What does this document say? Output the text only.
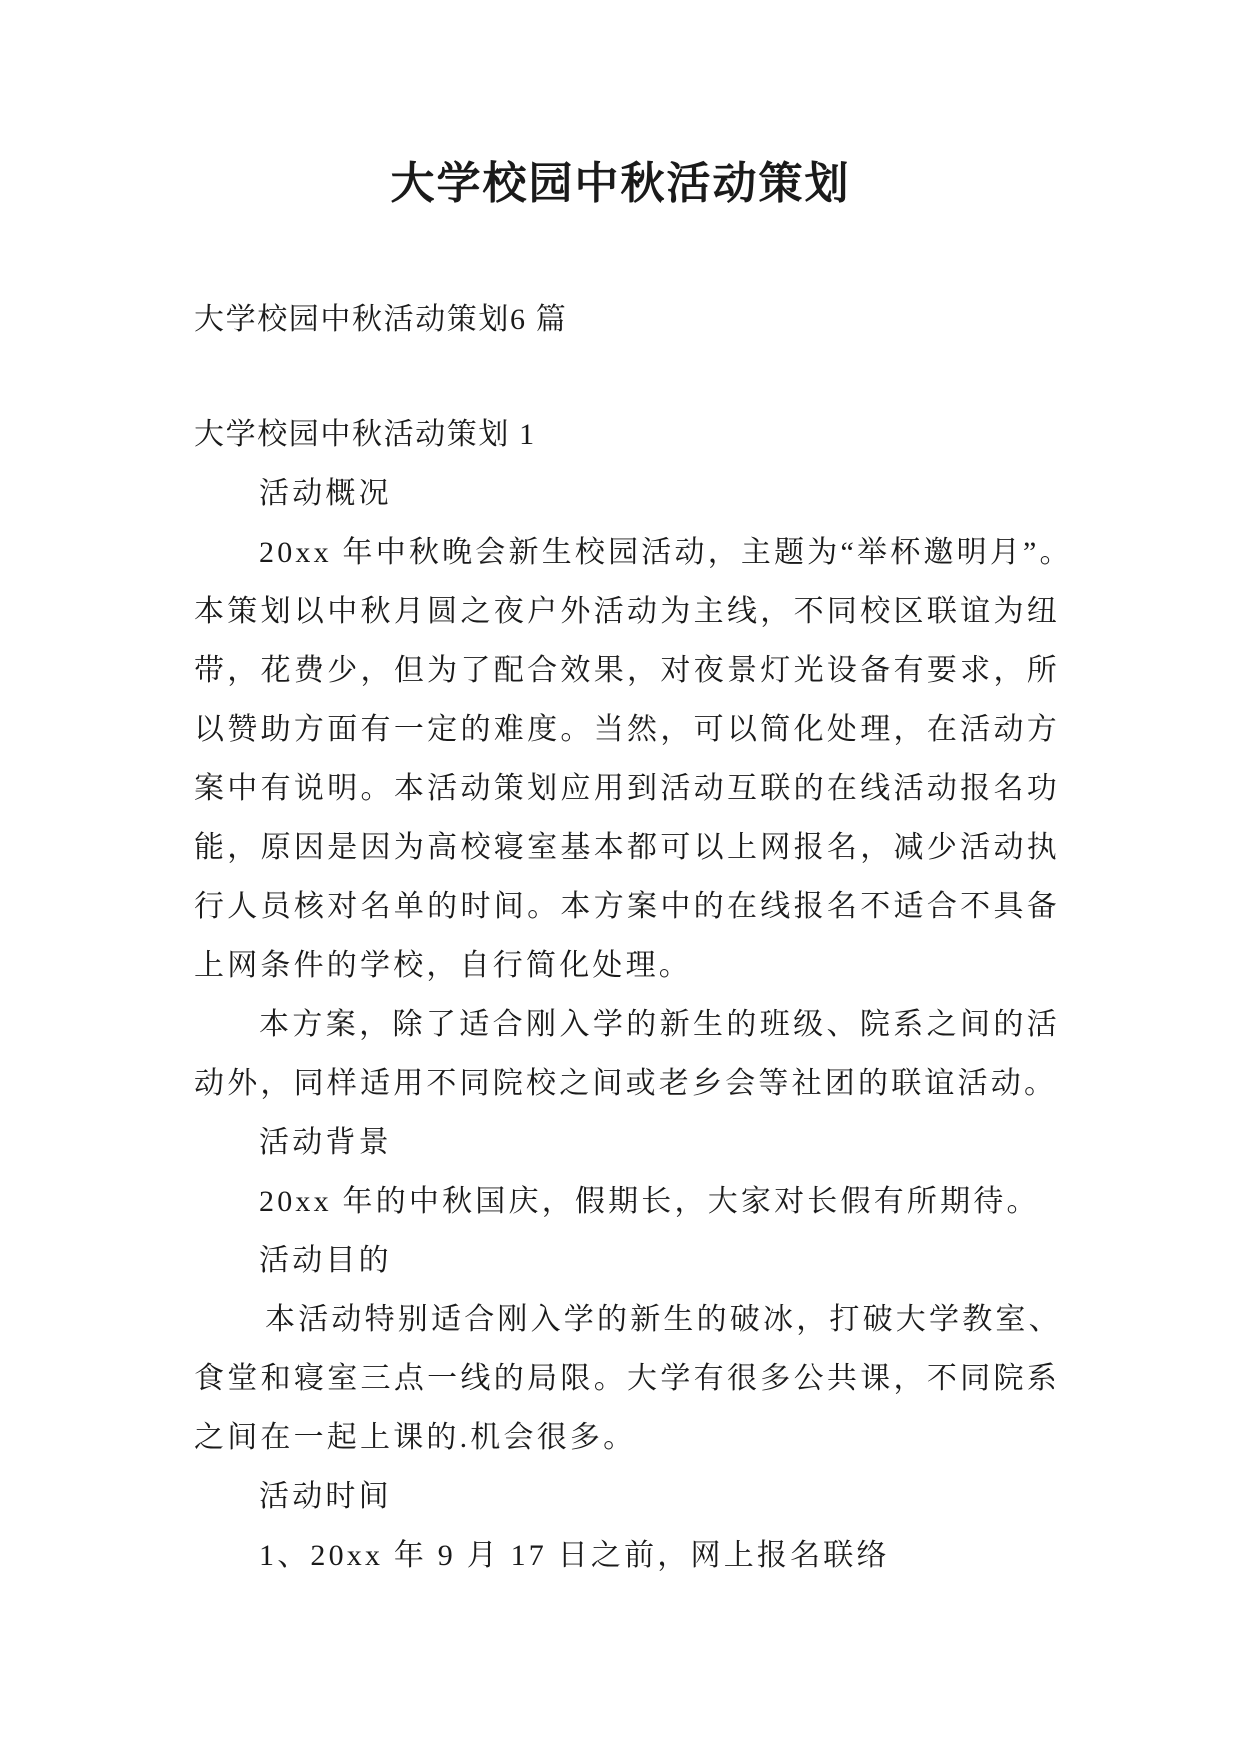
大学校园中秋活动策划
大学校园中秋活动策划6 篇
大学校园中秋活动策划 1
活动概况
20xx 年中秋晚会新生校园活动，主题为“举杯邀明月”。
本策划以中秋月圆之夜户外活动为主线，不同校区联谊为纽
带，花费少，但为了配合效果，对夜景灯光设备有要求，所
以赞助方面有一定的难度。当然，可以简化处理，在活动方
案中有说明。本活动策划应用到活动互联的在线活动报名功
能，原因是因为高校寝室基本都可以上网报名，减少活动执
行人员核对名单的时间。本方案中的在线报名不适合不具备
上网条件的学校，自行简化处理。
本方案，除了适合刚入学的新生的班级、院系之间的活
动外，同样适用不同院校之间或老乡会等社团的联谊活动。
活动背景
20xx 年的中秋国庆，假期长，大家对长假有所期待。
活动目的
本活动特别适合刚入学的新生的破冰，打破大学教室、
食堂和寝室三点一线的局限。大学有很多公共课，不同院系
之间在一起上课的.机会很多。
活动时间
1、20xx 年 9 月 17 日之前，网上报名联络
